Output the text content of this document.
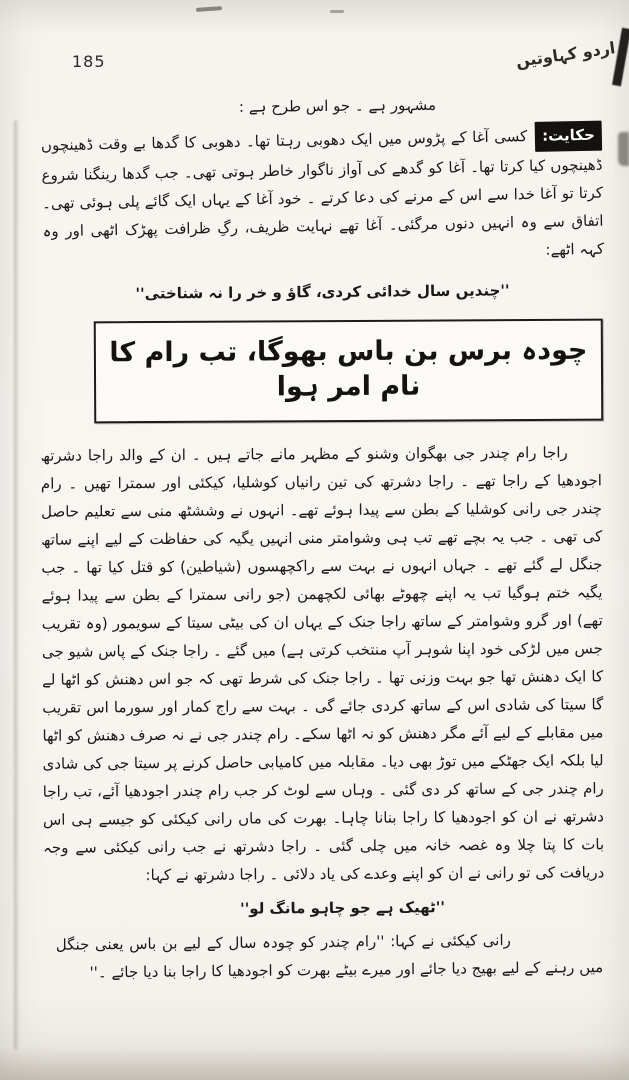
185	اردو کہاوتیں

مشہور ہے ۔ جو اس طرح ہے :

حکایت:کسی آغا کے پڑوس میں ایک دھوبی رہتا تھا۔ دھوبی کا گدھا بے وقت ڈھینچوں ڈھینچوں کیا کرتا تھا۔ آغا کو گدھے کی آواز ناگوار خاطر ہوتی تھی۔ جب گدھا رینگنا شروع کرتا تو آغا خدا سے اس کے مرنے کی دعا کرتے ۔ خود آغا کے یہاں ایک گائے پلی ہوئی تھی۔ اتفاق سے وہ انہیں دنوں مرگئی۔ آغا تھے نہایت ظریف، رگِ ظرافت پھڑک اٹھی اور وہ کہہ اٹھے:

''چندیں سال خدائی کردی، گاؤ و خر را نہ شناختی''

چودہ برس بن باس بھوگا، تب رام کا نام امر ہوا

راجا رام چندر جی بھگوان وشنو کے مظہر مانے جاتے ہیں ۔ ان کے والد راجا دشرتھ اجودھیا کے راجا تھے ۔ راجا دشرتھ کی تین رانیاں کوشلیا، کیکئی اور سمترا تھیں ۔ رام چندر جی رانی کوشلیا کے بطن سے پیدا ہوئے تھے۔ انہوں نے وششٹھ منی سے تعلیم حاصل کی تھی ۔ جب یہ بچے تھے تب ہی وشوامتر منی انہیں یگیہ کی حفاظت کے لیے اپنے ساتھ جنگل لے گئے تھے ۔ جہاں انہوں نے بہت سے راکچھسوں (شیاطین) کو قتل کیا تھا ۔ جب یگیہ ختم ہوگیا تب یہ اپنے چھوٹے بھائی لکچھمن (جو رانی سمترا کے بطن سے پیدا ہوئے تھے) اور گرو وشوامتر کے ساتھ راجا جنک کے یہاں ان کی بیٹی سیتا کے سویمور (وہ تقریب جس میں لڑکی خود اپنا شوہر آپ منتخب کرتی ہے) میں گئے ۔ راجا جنک کے پاس شیو جی کا ایک دھنش تھا جو بہت وزنی تھا ۔ راجا جنک کی شرط تھی کہ جو اس دھنش کو اٹھا لے گا سیتا کی شادی اس کے ساتھ کردی جائے گی ۔ بہت سے راج کمار اور سورما اس تقریب میں مقابلے کے لیے آئے مگر دھنش کو نہ اٹھا سکے۔ رام چندر جی نے نہ صرف دھنش کو اٹھا لیا بلکہ ایک جھٹکے میں توڑ بھی دیا۔ مقابلہ میں کامیابی حاصل کرنے پر سیتا جی کی شادی رام چندر جی کے ساتھ کر دی گئی ۔ وہاں سے لوٹ کر جب رام چندر اجودھیا آئے، تب راجا دشرتھ نے ان کو اجودھیا کا راجا بنانا چاہا۔ بھرت کی ماں رانی کیکئی کو جیسے ہی اس بات کا پتا چلا وہ غصہ خانہ میں چلی گئی ۔ راجا دشرتھ نے جب رانی کیکئی سے وجہ دریافت کی تو رانی نے ان کو اپنے وعدے کی یاد دلائی ۔ راجا دشرتھ نے کہا:

''ٹھیک ہے جو چاہو مانگ لو''

رانی کیکئی نے کہا: ''رام چندر کو چودہ سال کے لیے بن باس یعنی جنگل میں رہنے کے لیے بھیج دیا جائے اور میرے بیٹے بھرت کو اجودھیا کا راجا بنا دیا جائے ۔''
